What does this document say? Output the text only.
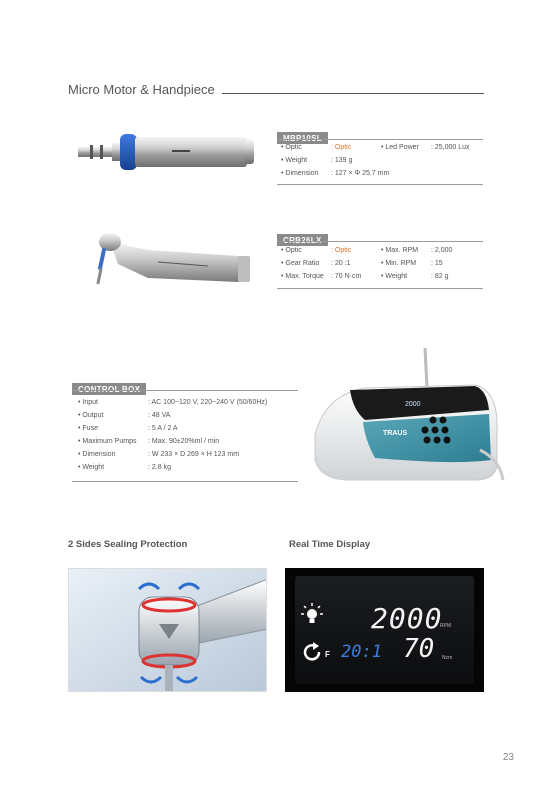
Micro Motor & Handpiece
• Optic	: Optic	• Led Power : 25,000 Lux
• Weight	: 139 g
• Dimension : 127 × Φ 25.7 mm
• Optic	: Optic	• Max. RPM : 2,000
• Gear Ratio : 20 :1	• Min. RPM : 15
• Max. Torque : 70 N·cm	• Weight	: 82 g
• Input	: AC 100~120 V, 220~240 V (50/60Hz)
• Output	: 48 VA
• Fuse	: 5 A / 2 A
• Maximum Pumps : Max. 90±20%ml / min
• Dimension	: W 233 × D 269 × H 123 mm
• Weight	: 2.8 kg
2000
TRAUS
2 Sides Sealing Protection	Real Time Display
2000
RPM
F 20:1 70 Ncm
23
